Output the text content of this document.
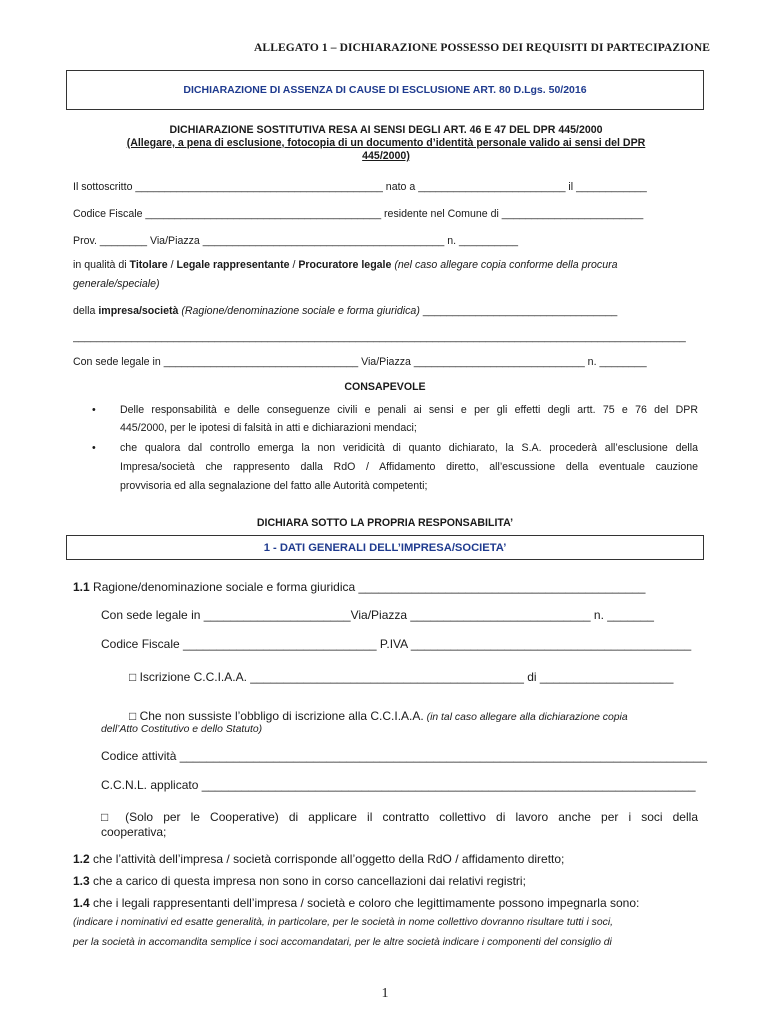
ALLEGATO 1 – DICHIARAZIONE POSSESSO DEI REQUISITI DI PARTECIPAZIONE
DICHIARAZIONE DI ASSENZA DI CAUSE DI ESCLUSIONE ART. 80 D.Lgs. 50/2016
DICHIARAZIONE SOSTITUTIVA RESA AI SENSI DEGLI ART. 46 E 47 DEL DPR 445/2000
(Allegare, a pena di esclusione, fotocopia di un documento d’identità personale valido ai sensi del DPR
445/2000)
Il sottoscritto __________________________________________ nato a _________________________ il ____________
Codice Fiscale ________________________________________ residente nel Comune di ________________________
Prov. ________ Via/Piazza _________________________________________ n. __________
in qualità di Titolare / Legale rappresentante / Procuratore legale (nel caso allegare copia conforme della procura
generale/speciale)
della impresa/società (Ragione/denominazione sociale e forma giuridica) _________________________________
________________________________________________________________________________________________________
Con sede legale in _________________________________ Via/Piazza _____________________________ n. ________
CONSAPEVOLE
• Delle responsabilità e delle conseguenze civili e penali ai sensi e per gli effetti degli artt. 75 e 76 del DPR
445/2000, per le ipotesi di falsità in atti e dichiarazioni mendaci;
• che qualora dal controllo emerga la non veridicità di quanto dichiarato, la S.A. procederà all’esclusione della
Impresa/società che rappresento dalla RdO / Affidamento diretto, all’escussione della eventuale cauzione
provvisoria ed alla segnalazione del fatto alle Autorità competenti;
DICHIARA SOTTO LA PROPRIA RESPONSABILITA’
1 - DATI GENERALI DELL’IMPRESA/SOCIETA’
1.1 Ragione/denominazione sociale e forma giuridica ___________________________________________
Con sede legale in ______________________Via/Piazza ___________________________ n. _______
Codice Fiscale _____________________________ P.IVA __________________________________________
□ Iscrizione C.C.I.A.A. _________________________________________ di ____________________
□ Che non sussiste l’obbligo di iscrizione alla C.C.I.A.A. (in tal caso allegare alla dichiarazione copia
dell’Atto Costitutivo e dello Statuto)
Codice attività _______________________________________________________________________________
C.C.N.L. applicato __________________________________________________________________________
□ (Solo per le Cooperative) di applicare il contratto collettivo di lavoro anche per i soci della
cooperativa;
1.2 che l’attività dell’impresa / società corrisponde all’oggetto della RdO / affidamento diretto;
1.3 che a carico di questa impresa non sono in corso cancellazioni dai relativi registri;
1.4 che i legali rappresentanti dell’impresa / società e coloro che legittimamente possono impegnarla sono:
(indicare i nominativi ed esatte generalità, in particolare, per le società in nome collettivo dovranno risultare tutti i soci,
per la società in accomandita semplice i soci accomandatari, per le altre società indicare i componenti del consiglio di
1
